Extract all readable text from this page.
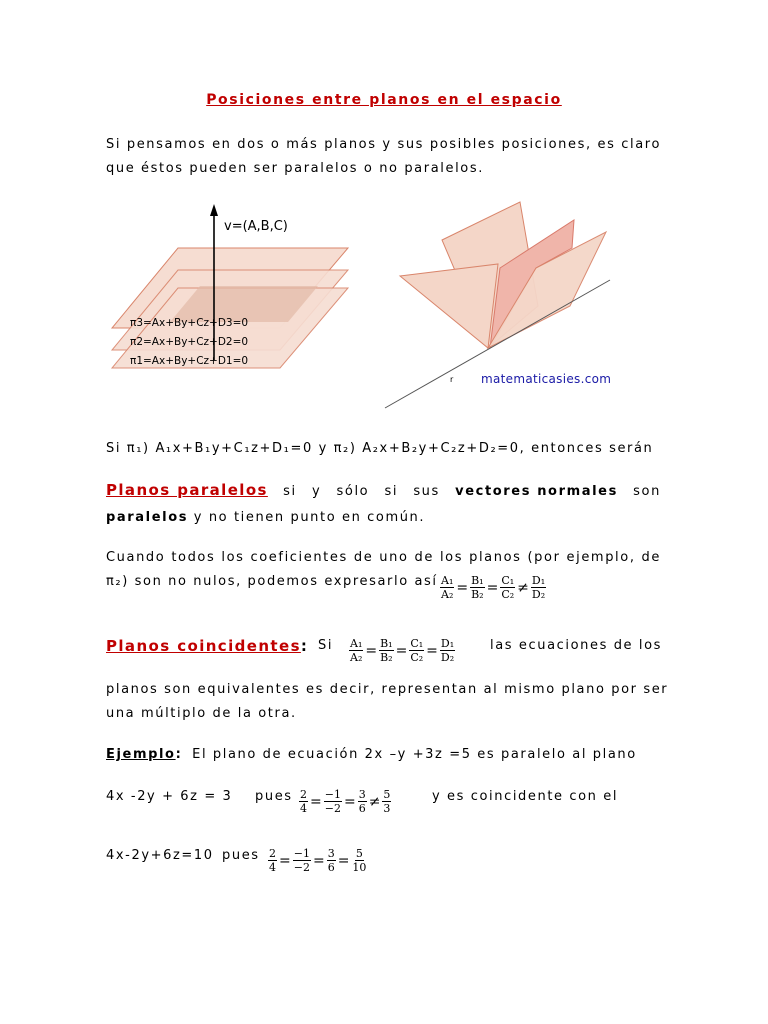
Posiciones entre planos en el espacio
Si pensamos en dos o más planos y sus posibles posiciones, es claro
que éstos pueden ser paralelos o no paralelos.
v=(A,B,C)
π3=Ax+By+Cz+D3=0
π2=Ax+By+Cz+D2=0
π1=Ax+By+Cz+D1=0
r matematicasies.com
Si π₁) A₁x+B₁y+C₁z+D₁=0 y π₂) A₂x+B₂y+C₂z+D₂=0, entonces serán
Planos paralelos si y sólo si sus vectores normales son
paralelos y no tienen punto en común.
Cuando todos los coeficientes de uno de los planos (por ejemplo, de
π₂) son no nulos, podemos expresarlo así $\frac{\text{A₁}}{\text{A₂}} = \frac{\text{B₁}}{\text{B₂}} = \frac{\text{C₁}}{\text{C₂}} \ne \frac{\text{D₁}}{\text{D₂}}$
Planos coincidentes: Si $\frac{\text{A₁}}{\text{A₂}} = \frac{\text{B₁}}{\text{B₂}} = \frac{\text{C₁}}{\text{C₂}} = \frac{\text{D₁}}{\text{D₂}}$	las ecuaciones de los
planos son equivalentes es decir, representan al mismo plano por ser
una múltiplo de la otra.
Ejemplo: El plano de ecuación 2x –y +3z =5 es paralelo al plano
4x -2y + 6z = 3 pues $\frac{2}{4} = \frac{-1}{-2} = \frac{3}{6} \ne \frac{5}{3}$	y es coincidente con el
4x-2y+6z=10 pues $\frac{2}{4} = \frac{-1}{-2} = \frac{3}{6} = \frac{5}{10}$
